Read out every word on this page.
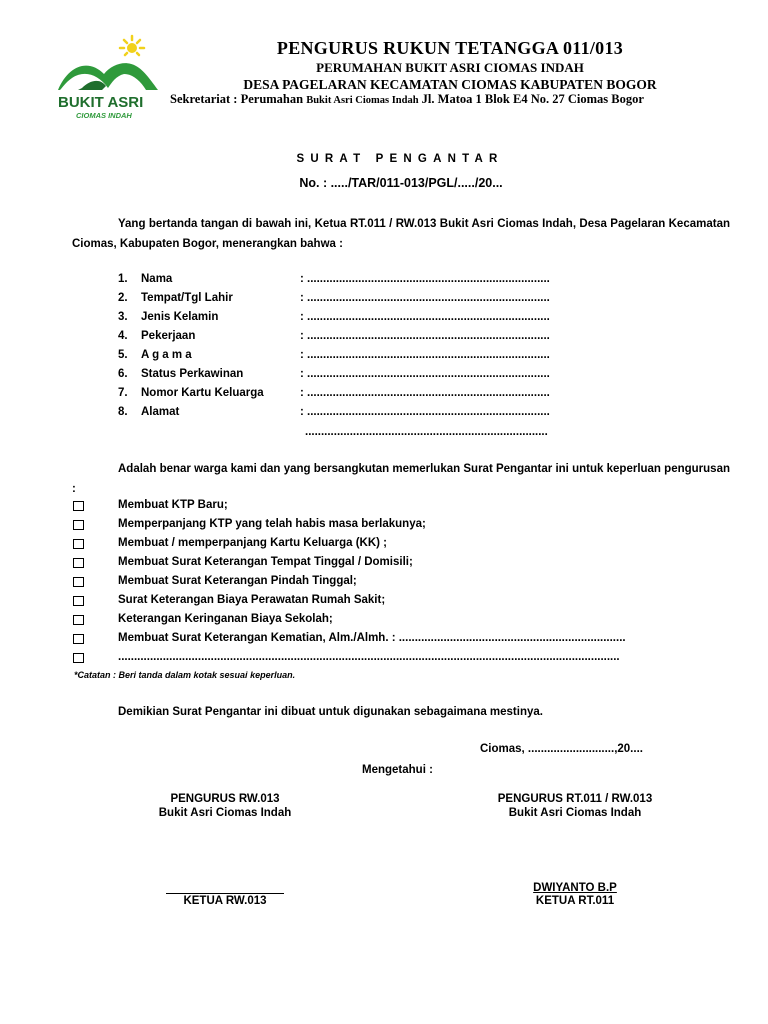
BUKIT ASRI
CIOMAS INDAH
PENGURUS RUKUN TETANGGA 011/013
PERUMAHAN BUKIT ASRI CIOMAS INDAH
DESA PAGELARAN KECAMATAN CIOMAS KABUPATEN BOGOR
Sekretariat : Perumahan Bukit Asri Ciomas Indah Jl. Matoa 1 Blok E4 No. 27 Ciomas Bogor
SURAT PENGANTAR
No. : ...../TAR/011-013/PGL/...../20...
Yang bertanda tangan di bawah ini, Ketua RT.011 / RW.013 Bukit Asri Ciomas Indah, Desa Pagelaran Kecamatan Ciomas, Kabupaten Bogor, menerangkan bahwa :
1.	Nama	: ............................................................................
2.	Tempat/Tgl Lahir	: ............................................................................
3.	Jenis Kelamin	: ............................................................................
4.	Pekerjaan	: ............................................................................
5.	A g a m a	: ............................................................................
6.	Status Perkawinan	: ............................................................................
7.	Nomor Kartu Keluarga	: ............................................................................
8.	Alamat	: ............................................................................
............................................................................
Adalah benar warga kami dan yang bersangkutan memerlukan Surat Pengantar ini untuk keperluan pengurusan :
Membuat KTP Baru;
Memperpanjang KTP yang telah habis masa berlakunya;
Membuat / memperpanjang Kartu Keluarga (KK) ;
Membuat Surat Keterangan Tempat Tinggal / Domisili;
Membuat Surat Keterangan Pindah Tinggal;
Surat Keterangan Biaya Perawatan Rumah Sakit;
Keterangan Keringanan Biaya Sekolah;
Membuat Surat Keterangan Kematian, Alm./Almh. : .......................................................................
.............................................................................................................................................................
*Catatan : Beri tanda dalam kotak sesuai keperluan.
Demikian Surat Pengantar ini dibuat untuk digunakan sebagaimana mestinya.
Ciomas, ...........................,20....
Mengetahui :
PENGURUS RW.013
Bukit Asri Ciomas Indah
PENGURUS RT.011 / RW.013
Bukit Asri Ciomas Indah
KETUA RW.013
DWIYANTO B.P
KETUA RT.011
